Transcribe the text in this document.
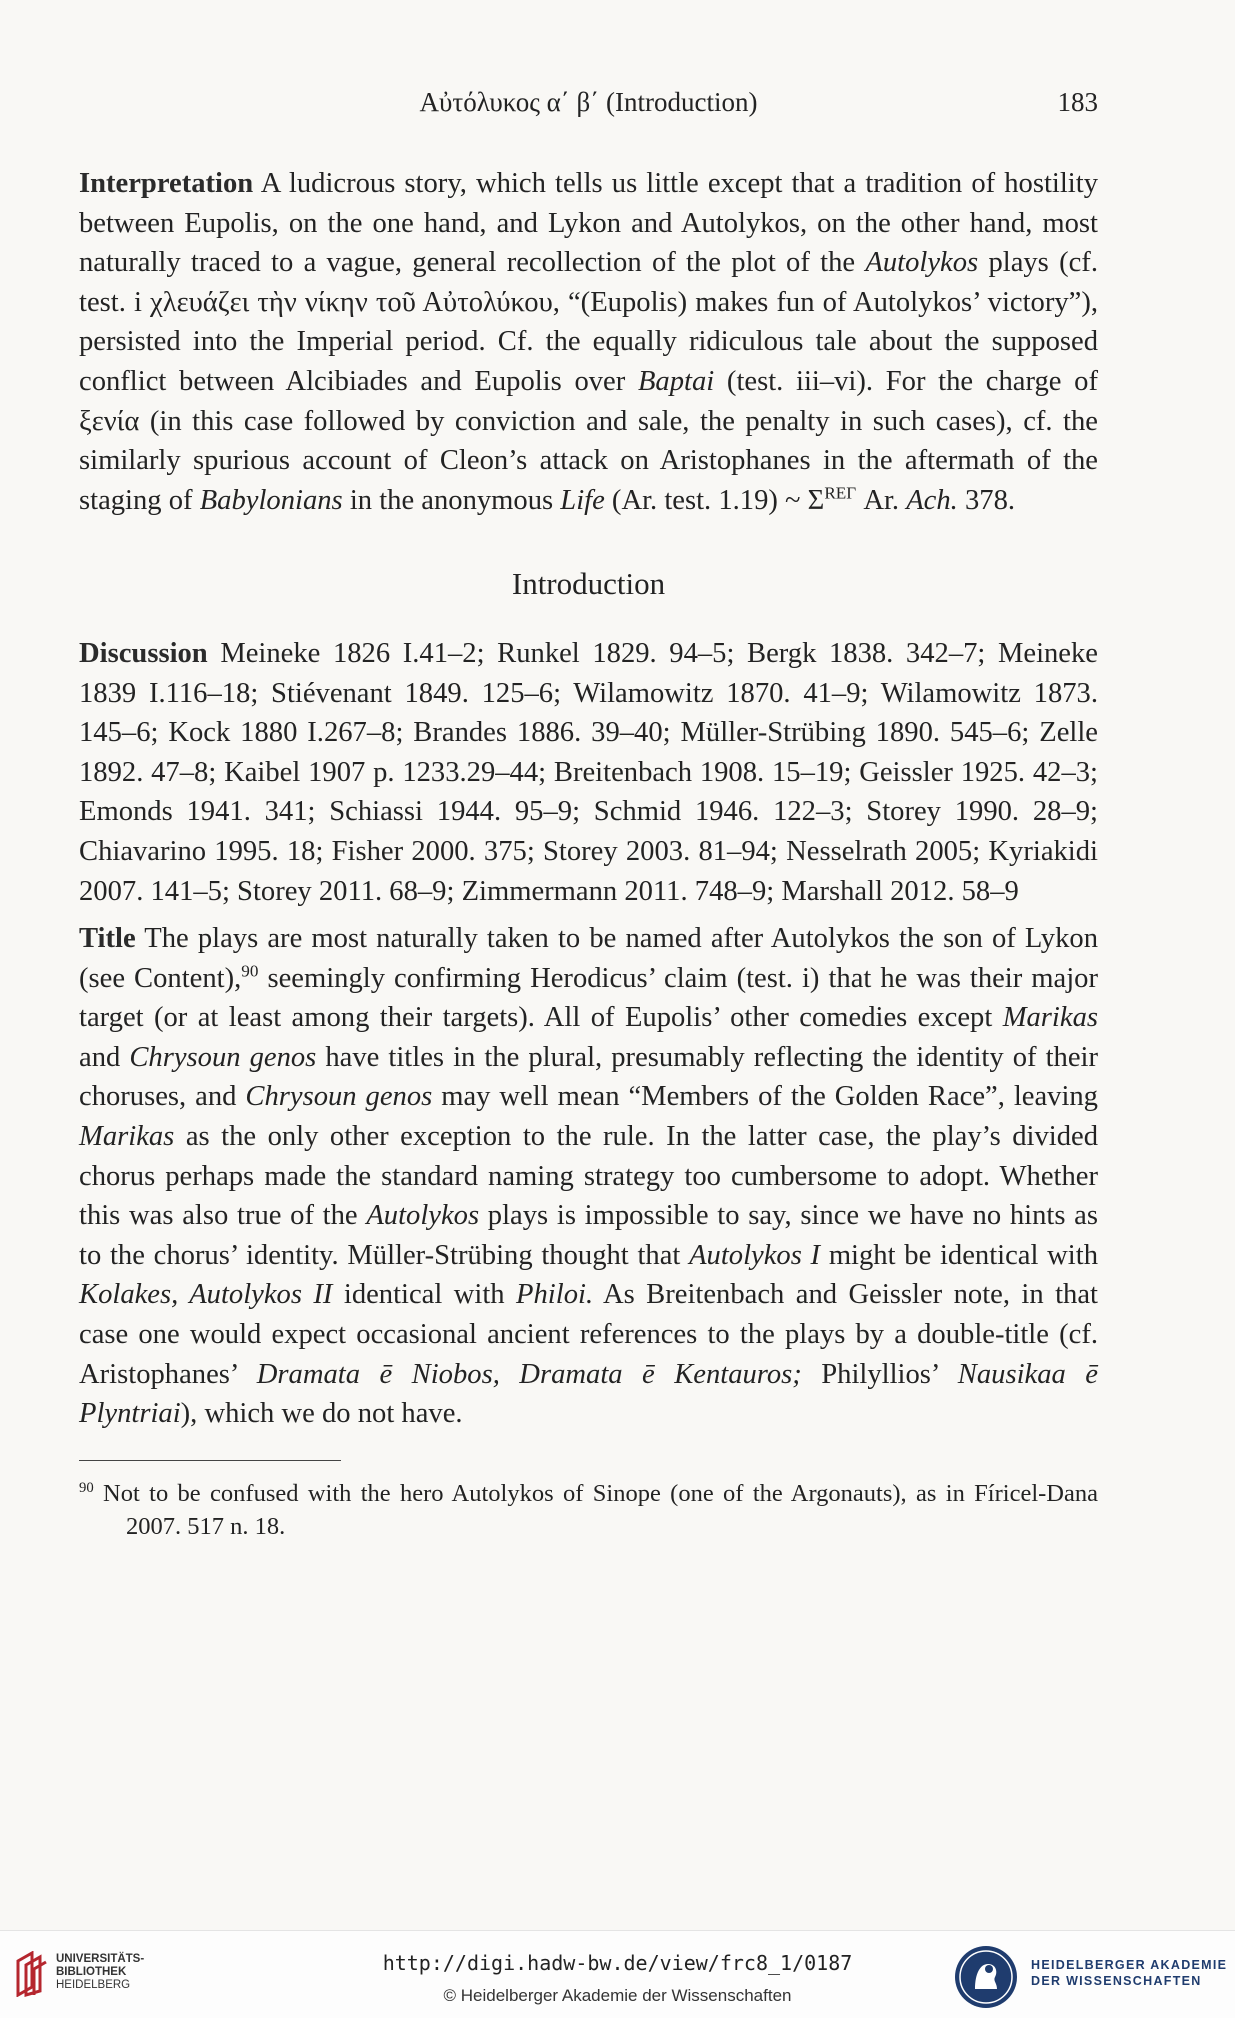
Αὐτόλυκος α΄ β΄ (Introduction)	183

Interpretation A ludicrous story, which tells us little except that a tradition of hostility between Eupolis, on the one hand, and Lykon and Autolykos, on the other hand, most naturally traced to a vague, general recollection of the plot of the Autolykos plays (cf. test. i χλευάζει τὴν νίκην τοῦ Αὐτολύκου, “(Eupolis) makes fun of Autolykos’ victory”), persisted into the Imperial period. Cf. the equally ridiculous tale about the supposed conflict between Alcibiades and Eupolis over Baptai (test. iii–vi). For the charge of ξενία (in this case followed by conviction and sale, the penalty in such cases), cf. the similarly spurious account of Cleon’s attack on Aristophanes in the aftermath of the staging of Babylonians in the anonymous Life (Ar. test. 1.19) ~ $\Sigma^{RE\Gamma}$ Ar. Ach. 378.

Introduction

Discussion Meineke 1826 I.41–2; Runkel 1829. 94–5; Bergk 1838. 342–7; Meineke 1839 I.116–18; Stiévenant 1849. 125–6; Wilamowitz 1870. 41–9; Wilamowitz 1873. 145–6; Kock 1880 I.267–8; Brandes 1886. 39–40; Müller-Strübing 1890. 545–6; Zelle 1892. 47–8; Kaibel 1907 p. 1233.29–44; Breitenbach 1908. 15–19; Geissler 1925. 42–3; Emonds 1941. 341; Schiassi 1944. 95–9; Schmid 1946. 122–3; Storey 1990. 28–9; Chiavarino 1995. 18; Fisher 2000. 375; Storey 2003. 81–94; Nesselrath 2005; Kyriakidi 2007. 141–5; Storey 2011. 68–9; Zimmermann 2011. 748–9; Marshall 2012. 58–9

Title The plays are most naturally taken to be named after Autolykos the son of Lykon (see Content),$^{90}$ seemingly confirming Herodicus’ claim (test. i) that he was their major target (or at least among their targets). All of Eupolis’ other comedies except Marikas and Chrysoun genos have titles in the plural, presumably reflecting the identity of their choruses, and Chrysoun genos may well mean “Members of the Golden Race”, leaving Marikas as the only other exception to the rule. In the latter case, the play’s divided chorus perhaps made the standard naming strategy too cumbersome to adopt. Whether this was also true of the Autolykos plays is impossible to say, since we have no hints as to the chorus’ identity. Müller-Strübing thought that Autolykos I might be identical with Kolakes, Autolykos II identical with Philoi. As Breitenbach and Geissler note, in that case one would expect occasional ancient references to the plays by a double-title (cf. Aristophanes’ Dramata ē Niobos, Dramata ē Kentauros; Philyllios’ Nausikaa ē Plyntriai), which we do not have.

$^{90}$ Not to be confused with the hero Autolykos of Sinope (one of the Argonauts), as in Fíricel-Dana 2007. 517 n. 18.

UNIVERSITÄTS-
BIBLIOTHEK
HEIDELBERG
http://digi.hadw-bw.de/view/frc8_1/0187
© Heidelberger Akademie der Wissenschaften
HEIDELBERGER AKADEMIE
DER WISSENSCHAFTEN
